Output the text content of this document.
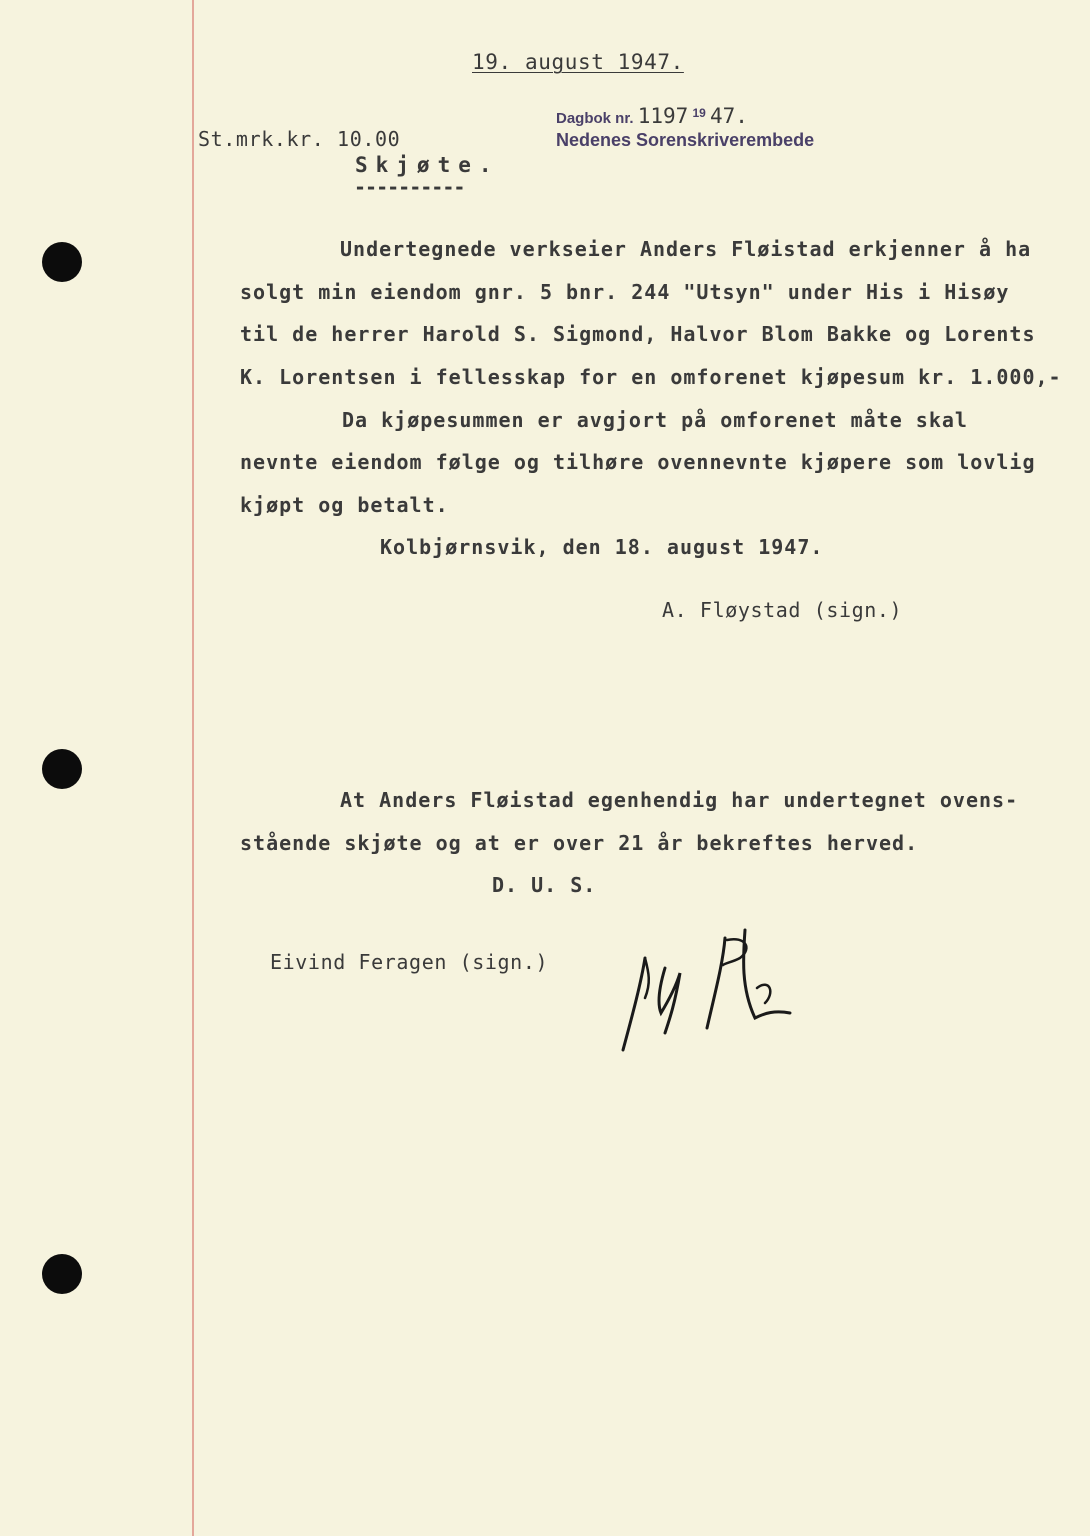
19. august 1947.
Dagbok nr. 1197 $^{19}$ 47.
Nedenes Sorenskriverembede
St.mrk.kr. 10.00
Skjøte.
----------
Undertegnede verkseier Anders Fløistad erkjenner å ha
solgt min eiendom gnr. 5 bnr. 244 "Utsyn" under His i Hisøy
til de herrer Harold S. Sigmond, Halvor Blom Bakke og Lorents
K. Lorentsen i fellesskap for en omforenet kjøpesum kr. 1.000,-
Da kjøpesummen er avgjort på omforenet måte skal
nevnte eiendom følge og tilhøre ovennevnte kjøpere som lovlig
kjøpt og betalt.
Kolbjørnsvik, den 18. august 1947.
A. Fløystad (sign.)
At Anders Fløistad egenhendig har undertegnet ovens-
stående skjøte og at er over 21 år bekreftes herved.
D. U. S.
Eivind Feragen (sign.)
